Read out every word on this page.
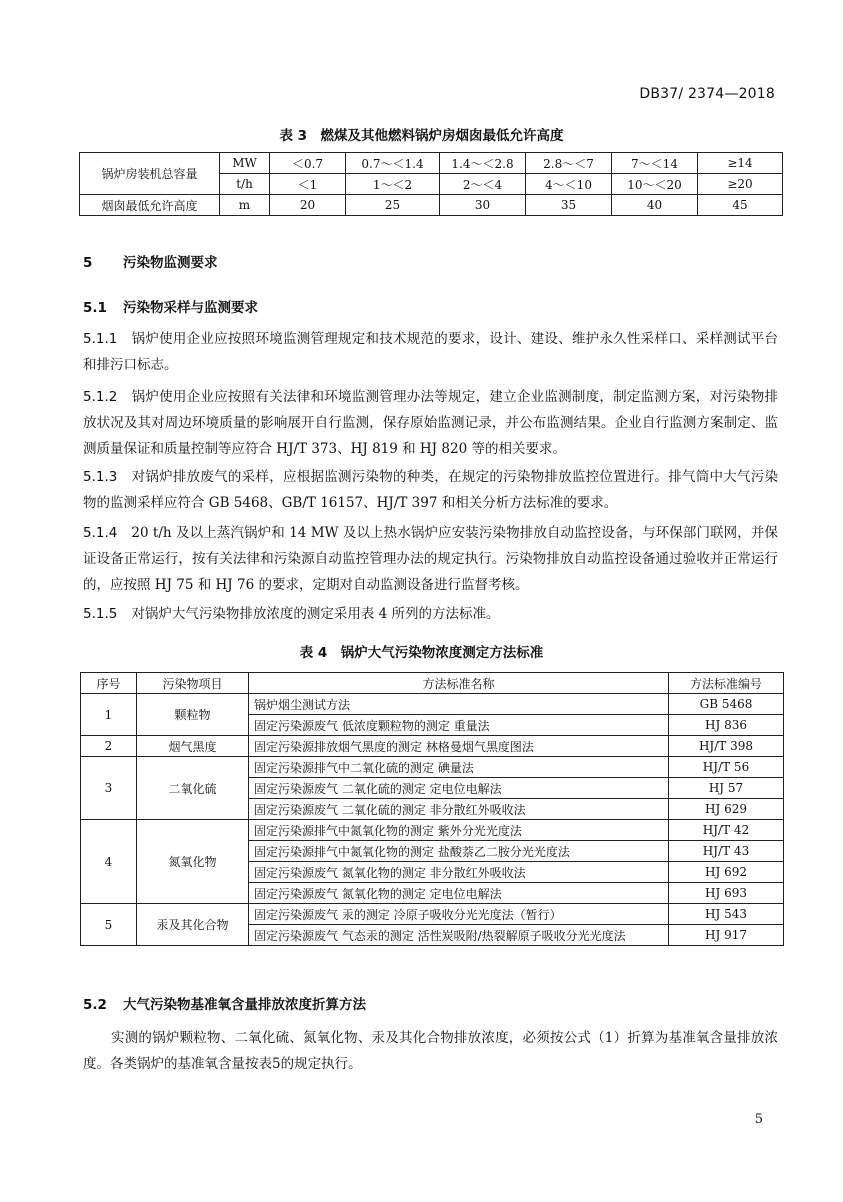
DB37/ 2374—2018
表 3　燃煤及其他燃料锅炉房烟囱最低允许高度
锅炉房装机总容量	MW	＜0.7	0.7～＜1.4	1.4～＜2.8	2.8～＜7	7～＜14	≥14
	t/h	＜1	1～＜2	2～＜4	4～＜10	10～＜20	≥20
烟囱最低允许高度	m	20	25	30	35	40	45
5 污染物监测要求
5.1 污染物采样与监测要求
5.1.1 锅炉使用企业应按照环境监测管理规定和技术规范的要求，设计、建设、维护永久性采样口、采样测试平台和排污口标志。
5.1.2 锅炉使用企业应按照有关法律和环境监测管理办法等规定，建立企业监测制度，制定监测方案，对污染物排放状况及其对周边环境质量的影响展开自行监测，保存原始监测记录，并公布监测结果。企业自行监测方案制定、监测质量保证和质量控制等应符合 HJ/T 373、HJ 819 和 HJ 820 等的相关要求。
5.1.3 对锅炉排放废气的采样，应根据监测污染物的种类，在规定的污染物排放监控位置进行。排气筒中大气污染物的监测采样应符合 GB 5468、GB/T 16157、HJ/T 397 和相关分析方法标准的要求。
5.1.4 20 t/h 及以上蒸汽锅炉和 14 MW 及以上热水锅炉应安装污染物排放自动监控设备，与环保部门联网，并保证设备正常运行，按有关法律和污染源自动监控管理办法的规定执行。污染物排放自动监控设备通过验收并正常运行的，应按照 HJ 75 和 HJ 76 的要求，定期对自动监测设备进行监督考核。
5.1.5 对锅炉大气污染物排放浓度的测定采用表 4 所列的方法标准。
表 4　锅炉大气污染物浓度测定方法标准
序号	污染物项目	方法标准名称	方法标准编号
1	颗粒物	锅炉烟尘测试方法	GB 5468
		固定污染源废气 低浓度颗粒物的测定 重量法	HJ 836
2	烟气黑度	固定污染源排放烟气黑度的测定 林格曼烟气黑度图法	HJ/T 398
3	二氧化硫	固定污染源排气中二氧化硫的测定 碘量法	HJ/T 56
		固定污染源废气 二氧化硫的测定 定电位电解法	HJ 57
		固定污染源废气 二氧化硫的测定 非分散红外吸收法	HJ 629
4	氮氧化物	固定污染源排气中氮氧化物的测定 紫外分光光度法	HJ/T 42
		固定污染源排气中氮氧化物的测定 盐酸萘乙二胺分光光度法	HJ/T 43
		固定污染源废气 氮氧化物的测定 非分散红外吸收法	HJ 692
		固定污染源废气 氮氧化物的测定 定电位电解法	HJ 693
5	汞及其化合物	固定污染源废气 汞的测定 冷原子吸收分光光度法（暂行）	HJ 543
		固定污染源废气 气态汞的测定 活性炭吸附/热裂解原子吸收分光光度法	HJ 917
5.2 大气污染物基准氧含量排放浓度折算方法
实测的锅炉颗粒物、二氧化硫、氮氧化物、汞及其化合物排放浓度，必须按公式（1）折算为基准氧含量排放浓度。各类锅炉的基准氧含量按表5的规定执行。
5
